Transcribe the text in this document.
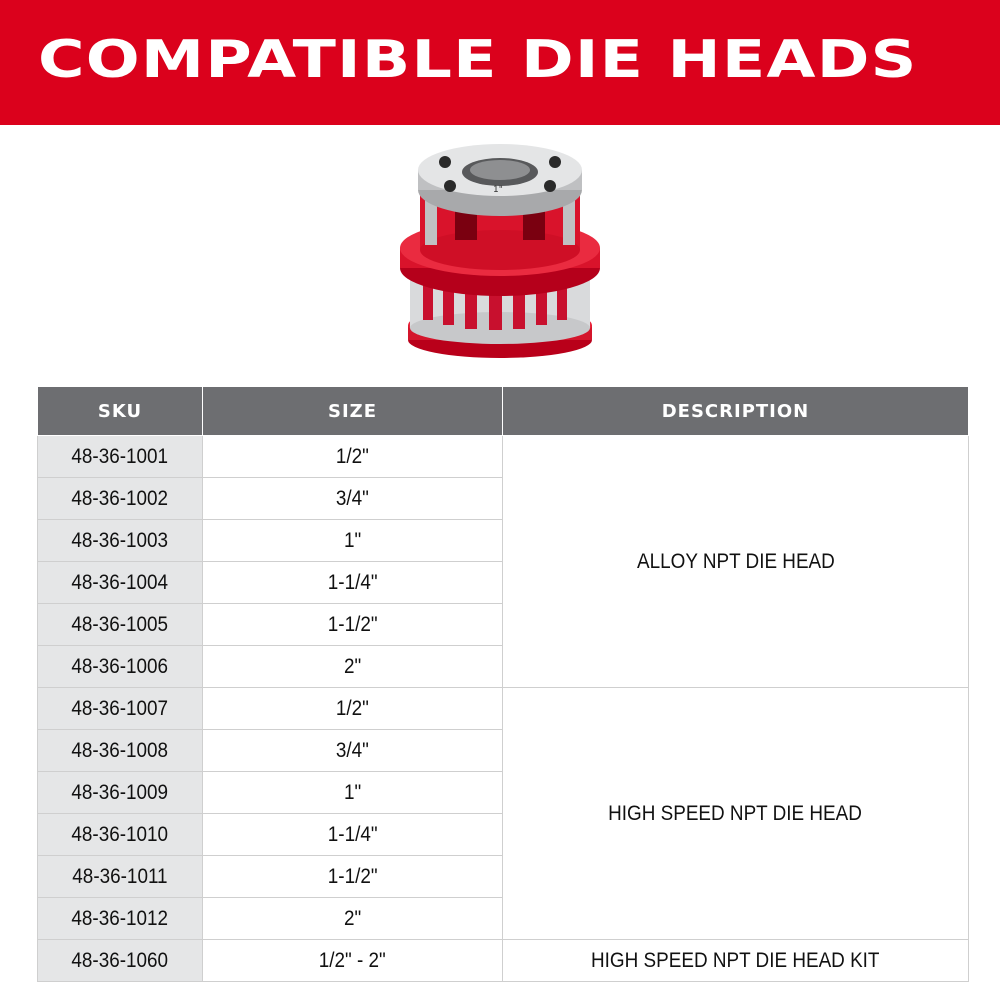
COMPATIBLE DIE HEADS
1"
SKU	SIZE	DESCRIPTION
48-36-1001	1/2"	ALLOY NPT DIE HEAD
48-36-1002	3/4"	
48-36-1003	1"	
48-36-1004	1-1/4"	
48-36-1005	1-1/2"	
48-36-1006	2"	
48-36-1007	1/2"	HIGH SPEED NPT DIE HEAD
48-36-1008	3/4"	
48-36-1009	1"	
48-36-1010	1-1/4"	
48-36-1011	1-1/2"	
48-36-1012	2"	
48-36-1060	1/2" - 2"	HIGH SPEED NPT DIE HEAD KIT
